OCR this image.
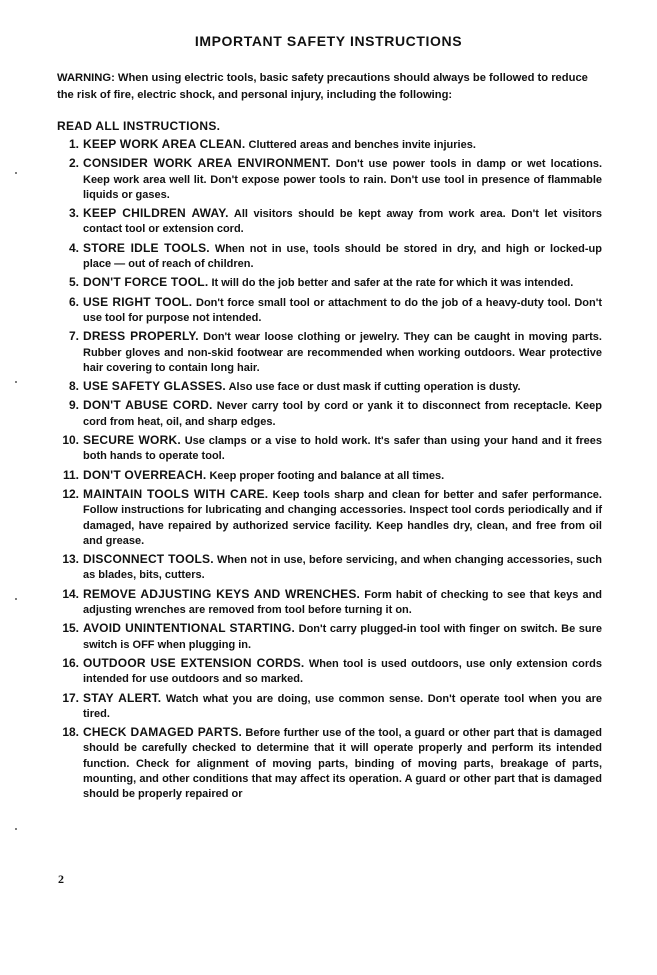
IMPORTANT SAFETY INSTRUCTIONS
WARNING: When using electric tools, basic safety precautions should always be followed to reduce the risk of fire, electric shock, and personal injury, including the following:
READ ALL INSTRUCTIONS.
1. KEEP WORK AREA CLEAN. Cluttered areas and benches invite injuries.
2. CONSIDER WORK AREA ENVIRONMENT. Don't use power tools in damp or wet locations. Keep work area well lit. Don't expose power tools to rain. Don't use tool in presence of flammable liquids or gases.
3. KEEP CHILDREN AWAY. All visitors should be kept away from work area. Don't let visitors contact tool or extension cord.
4. STORE IDLE TOOLS. When not in use, tools should be stored in dry, and high or locked-up place — out of reach of children.
5. DON'T FORCE TOOL. It will do the job better and safer at the rate for which it was intended.
6. USE RIGHT TOOL. Don't force small tool or attachment to do the job of a heavy-duty tool. Don't use tool for purpose not intended.
7. DRESS PROPERLY. Don't wear loose clothing or jewelry. They can be caught in moving parts. Rubber gloves and non-skid footwear are recommended when working outdoors. Wear protective hair covering to contain long hair.
8. USE SAFETY GLASSES. Also use face or dust mask if cutting operation is dusty.
9. DON'T ABUSE CORD. Never carry tool by cord or yank it to disconnect from receptacle. Keep cord from heat, oil, and sharp edges.
10. SECURE WORK. Use clamps or a vise to hold work. It's safer than using your hand and it frees both hands to operate tool.
11. DON'T OVERREACH. Keep proper footing and balance at all times.
12. MAINTAIN TOOLS WITH CARE. Keep tools sharp and clean for better and safer performance. Follow instructions for lubricating and changing accessories. Inspect tool cords periodically and if damaged, have repaired by authorized service facility. Keep handles dry, clean, and free from oil and grease.
13. DISCONNECT TOOLS. When not in use, before servicing, and when changing accessories, such as blades, bits, cutters.
14. REMOVE ADJUSTING KEYS AND WRENCHES. Form habit of checking to see that keys and adjusting wrenches are removed from tool before turning it on.
15. AVOID UNINTENTIONAL STARTING. Don't carry plugged-in tool with finger on switch. Be sure switch is OFF when plugging in.
16. OUTDOOR USE EXTENSION CORDS. When tool is used outdoors, use only extension cords intended for use outdoors and so marked.
17. STAY ALERT. Watch what you are doing, use common sense. Don't operate tool when you are tired.
18. CHECK DAMAGED PARTS. Before further use of the tool, a guard or other part that is damaged should be carefully checked to determine that it will operate properly and perform its intended function. Check for alignment of moving parts, binding of moving parts, breakage of parts, mounting, and other conditions that may affect its operation. A guard or other part that is damaged should be properly repaired or
2
